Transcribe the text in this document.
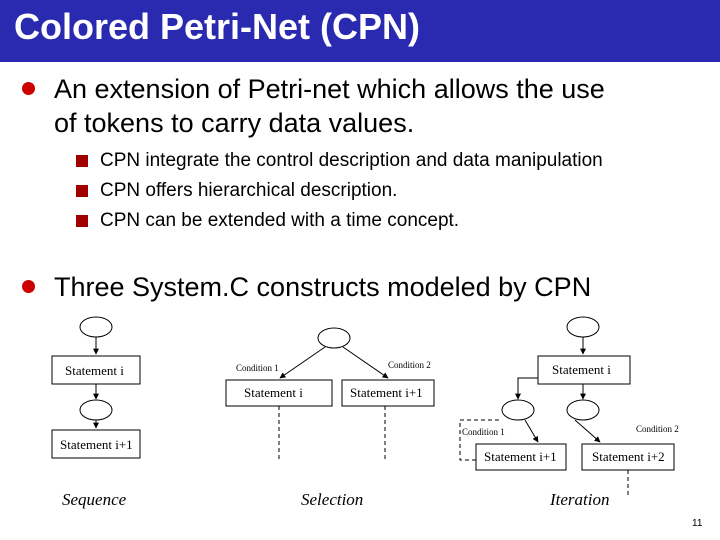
Colored Petri-Net (CPN)
An extension of Petri-net which allows the use
of tokens to carry data values.
CPN integrate the control description and data manipulation
CPN offers hierarchical description.
CPN can be extended with a time concept.
Three System.C constructs modeled by CPN
Statement i
Statement i+1
Sequence
Condition 1	Condition 2
Statement i	Statement i+1
Selection
Statement i
Condition 1	Condition 2
Statement i+1	Statement i+2
Iteration
11
